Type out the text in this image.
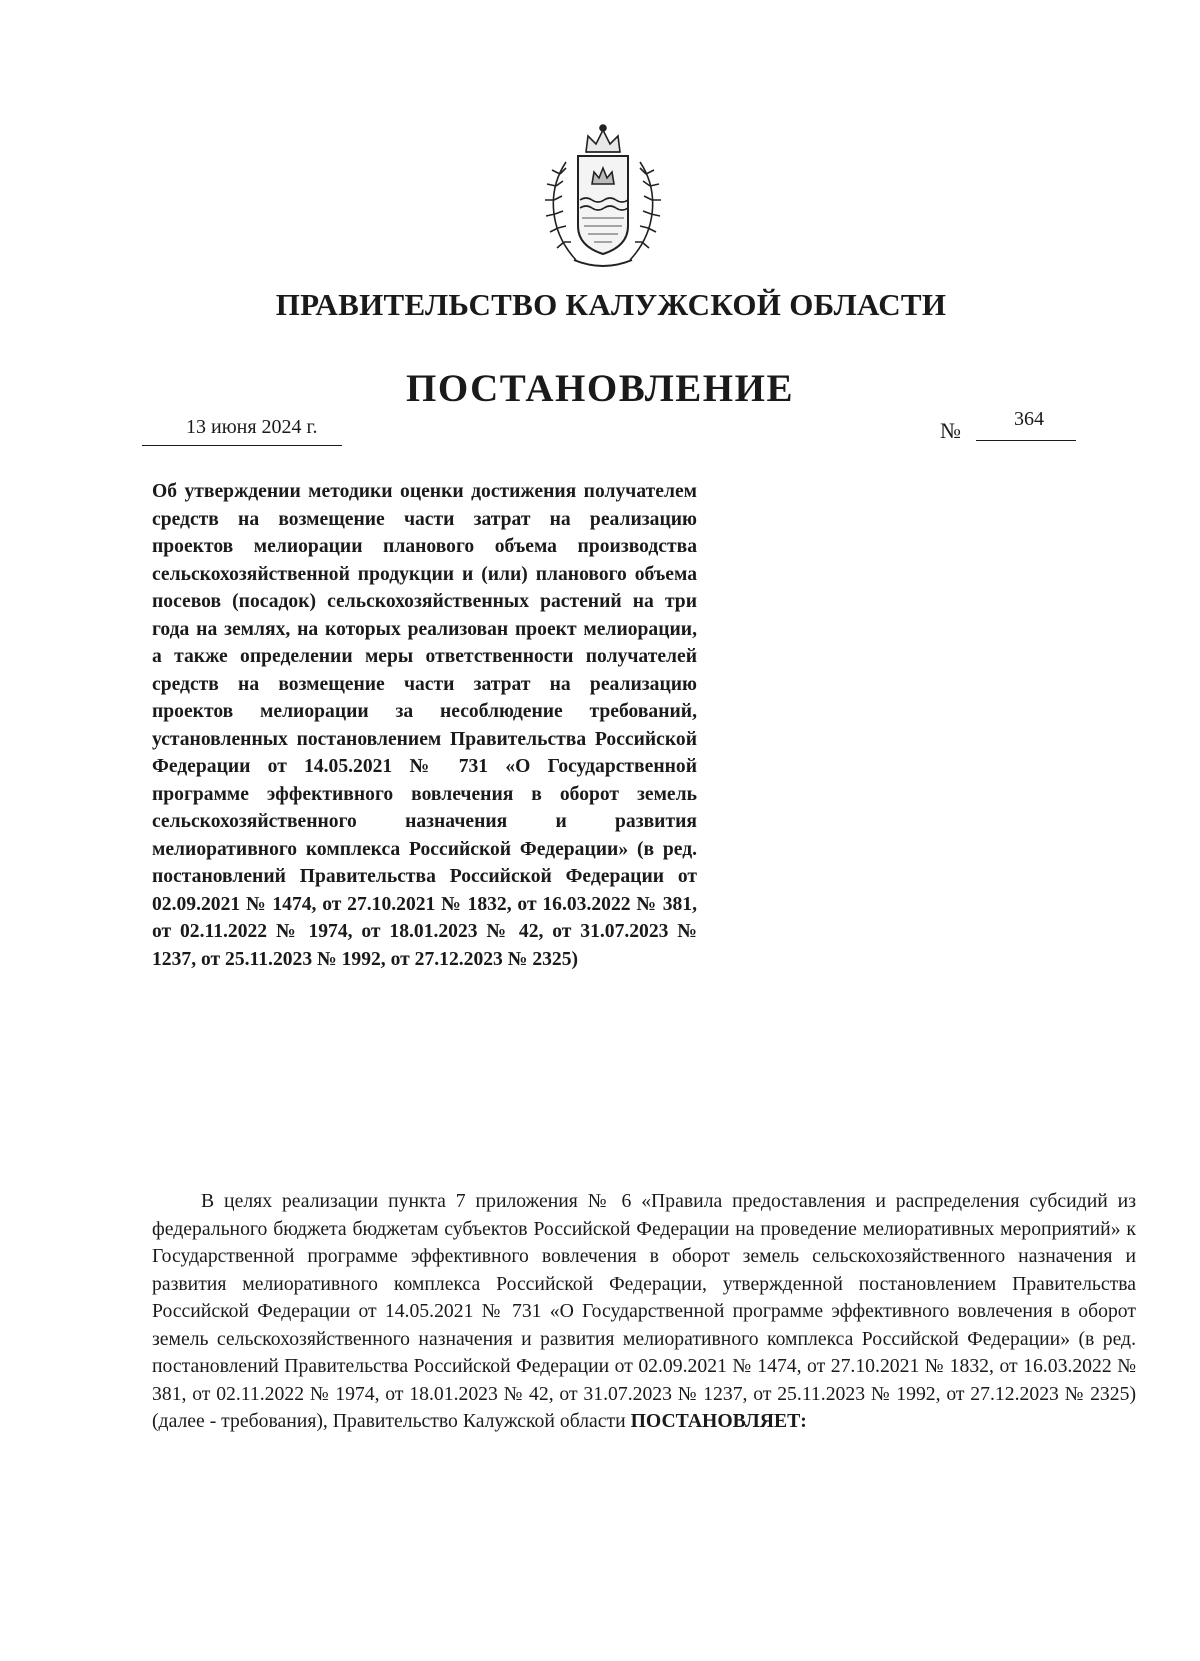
ПРАВИТЕЛЬСТВО КАЛУЖСКОЙ ОБЛАСТИ
ПОСТАНОВЛЕНИЕ
13 июня 2024 г.	№	364
Об утверждении методики оценки достижения получателем средств на возмещение части затрат на реализацию проектов мелиорации планового объема производства сельскохозяйственной продукции и (или) планового объема посевов (посадок) сельскохозяйственных растений на три года на землях, на которых реализован проект мелиорации, а также определении меры ответственности получателей средств на возмещение части затрат на реализацию проектов мелиорации за несоблюдение требований, установленных постановлением Правительства Российской Федерации от 14.05.2021 № 731 «О Государственной программе эффективного вовлечения в оборот земель сельскохозяйственного назначения и развития мелиоративного комплекса Российской Федерации» (в ред. постановлений Правительства Российской Федерации от 02.09.2021 № 1474, от 27.10.2021 № 1832, от 16.03.2022 № 381, от 02.11.2022 № 1974, от 18.01.2023 № 42, от 31.07.2023 № 1237, от 25.11.2023 № 1992, от 27.12.2023 № 2325)

В целях реализации пункта 7 приложения № 6 «Правила предоставления и распределения субсидий из федерального бюджета бюджетам субъектов Российской Федерации на проведение мелиоративных мероприятий» к Государственной программе эффективного вовлечения в оборот земель сельскохозяйственного назначения и развития мелиоративного комплекса Российской Федерации, утвержденной постановлением Правительства Российской Федерации от 14.05.2021 № 731 «О Государственной программе эффективного вовлечения в оборот земель сельскохозяйственного назначения и развития мелиоративного комплекса Российской Федерации» (в ред. постановлений Правительства Российской Федерации от 02.09.2021 № 1474, от 27.10.2021 № 1832, от 16.03.2022 № 381, от 02.11.2022 № 1974, от 18.01.2023 № 42, от 31.07.2023 № 1237, от 25.11.2023 № 1992, от 27.12.2023 № 2325) (далее - требования), Правительство Калужской области ПОСТАНОВЛЯЕТ:
